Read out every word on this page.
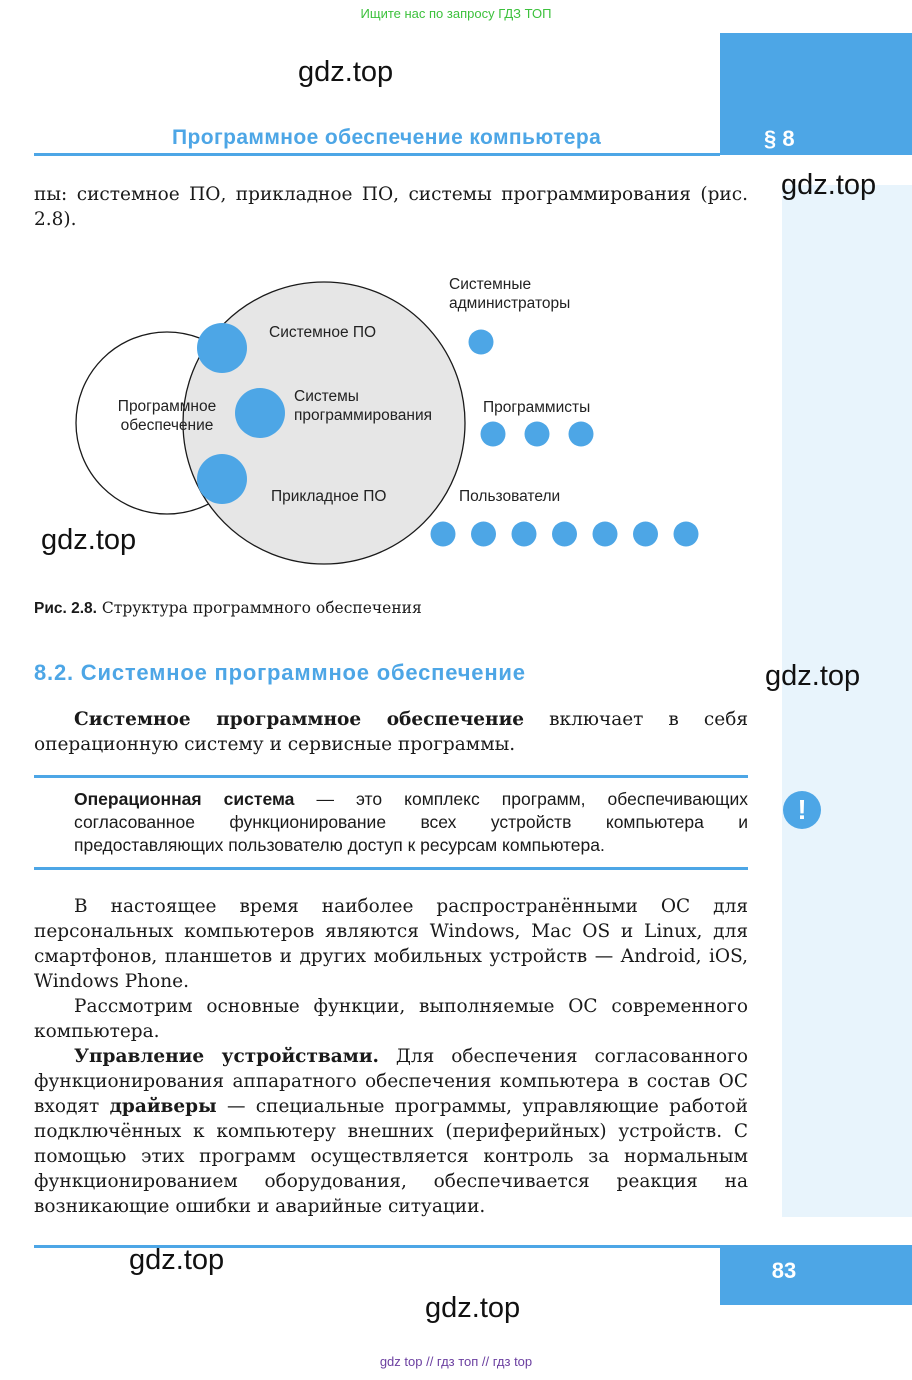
Ищите нас по запросу ГДЗ ТОП
Программное обеспечение компьютера	§ 8
gdz.top
gdz.top

пы: системное ПО, прикладное ПО, системы программирования (рис. 2.8).

Программное
обеспечение
Системное ПО
Системы
программирования
Прикладное ПО
Системные
администраторы
Программисты
Пользователи
gdz.top
Рис. 2.8. Структура программного обеспечения
8.2. Системное программное обеспечение	gdz.top

Системное программное обеспечение включает в себя операционную систему и сервисные программы.

Операционная система — это комплекс программ, обеспечивающих согласованное функционирование всех устройств компьютера и предоставляющих пользователю доступ к ресурсам компьютера.
!

В настоящее время наиболее распространёнными ОС для персональных компьютеров являются Windows, Mac OS и Linux, для смартфонов, планшетов и других мобильных устройств — Android, iOS, Windows Phone.

Рассмотрим основные функции, выполняемые ОС современного компьютера.

Управление устройствами. Для обеспечения согласованного функционирования аппаратного обеспечения компьютера в состав ОС входят драйверы — специальные программы, управляющие работой подключённых к компьютеру внешних (периферийных) устройств. С помощью этих программ осуществляется контроль за нормальным функционированием оборудования, обеспечивается реакция на возникающие ошибки и аварийные ситуации.

83
gdz.top
gdz.top
gdz top // гдз топ // гдз top
